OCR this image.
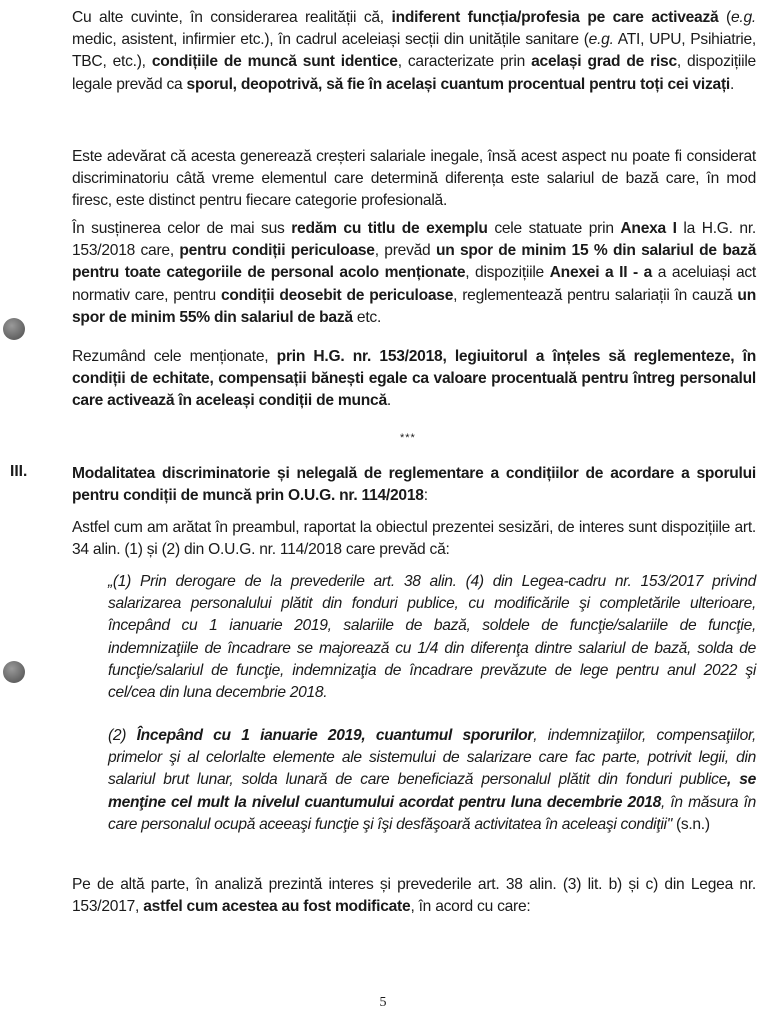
Cu alte cuvinte, în considerarea realității că, indiferent funcția/profesia pe care activează (e.g. medic, asistent, infirmier etc.), în cadrul aceleiași secții din unitățile sanitare (e.g. ATI, UPU, Psihiatrie, TBC, etc.), condițiile de muncă sunt identice, caracterizate prin același grad de risc, dispozițiile legale prevăd ca sporul, deopotrivă, să fie în același cuantum procentual pentru toți cei vizați.
Este adevărat că acesta generează creșteri salariale inegale, însă acest aspect nu poate fi considerat discriminatoriu câtă vreme elementul care determină diferența este salariul de bază care, în mod firesc, este distinct pentru fiecare categorie profesională.
În susținerea celor de mai sus redăm cu titlu de exemplu cele statuate prin Anexa I la H.G. nr. 153/2018 care, pentru condiții periculoase, prevăd un spor de minim 15 % din salariul de bază pentru toate categoriile de personal acolo menționate, dispozițiile Anexei a II - a a aceluiași act normativ care, pentru condiții deosebit de periculoase, reglementează pentru salariații în cauză un spor de minim 55% din salariul de bază etc.
Rezumând cele menționate, prin H.G. nr. 153/2018, legiuitorul a înțeles să reglementeze, în condiții de echitate, compensații bănești egale ca valoare procentuală pentru întreg personalul care activează în aceleași condiții de muncă.
***
III.	Modalitatea discriminatorie și nelegală de reglementare a condițiilor de acordare a sporului pentru condiții de muncă prin O.U.G. nr. 114/2018:
Astfel cum am arătat în preambul, raportat la obiectul prezentei sesizări, de interes sunt dispozițiile art. 34 alin. (1) și (2) din O.U.G. nr. 114/2018 care prevăd că:
„(1) Prin derogare de la prevederile art. 38 alin. (4) din Legea-cadru nr. 153/2017 privind salarizarea personalului plătit din fonduri publice, cu modificările şi completările ulterioare, începând cu 1 ianuarie 2019, salariile de bază, soldele de funcţie/salariile de funcţie, indemnizaţiile de încadrare se majorează cu 1/4 din diferenţa dintre salariul de bază, solda de funcţie/salariul de funcţie, indemnizaţia de încadrare prevăzute de lege pentru anul 2022 şi cel/cea din luna decembrie 2018.
(2) Începând cu 1 ianuarie 2019, cuantumul sporurilor, indemnizaţiilor, compensaţiilor, primelor şi al celorlalte elemente ale sistemului de salarizare care fac parte, potrivit legii, din salariul brut lunar, solda lunară de care beneficiază personalul plătit din fonduri publice, se menţine cel mult la nivelul cuantumului acordat pentru luna decembrie 2018, în măsura în care personalul ocupă aceeaşi funcţie şi îşi desfăşoară activitatea în aceleaşi condiţii" (s.n.)
Pe de altă parte, în analiză prezintă interes și prevederile art. 38 alin. (3) lit. b) și c) din Legea nr. 153/2017, astfel cum acestea au fost modificate, în acord cu care:
5
